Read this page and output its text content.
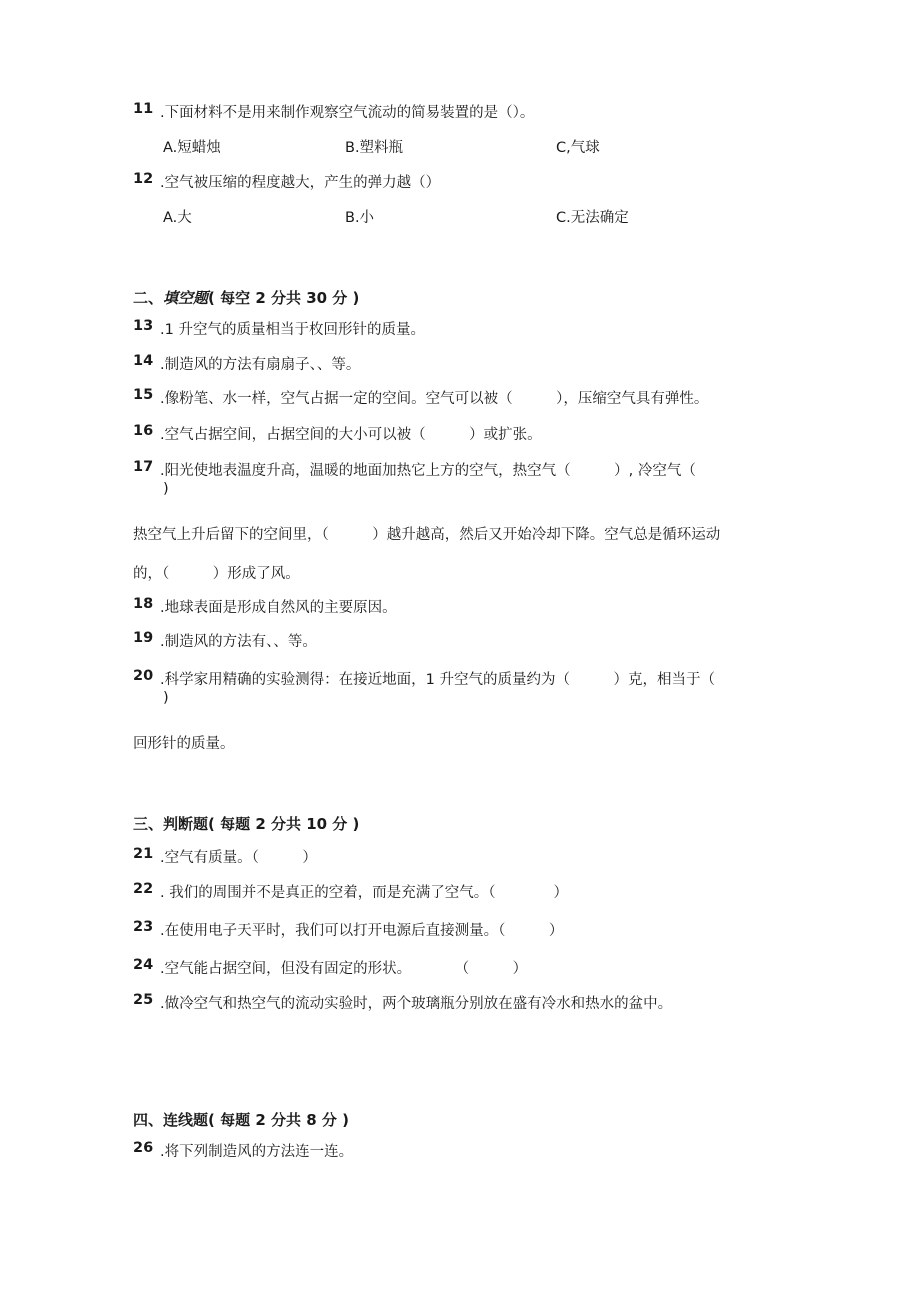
11 .下面材料不是用来制作观察空气流动的简易装置的是（）。
A.短蜡烛	B.塑料瓶	C,气球
12 .空气被压缩的程度越大，产生的弹力越（）
A.大	B.小	C.无法确定
二、填空题( 每空 2 分共 30 分 )
13 .1 升空气的质量相当于枚回形针的质量。
14 .制造风的方法有扇扇子、、等。
15 .像粉笔、水一样，空气占据一定的空间。空气可以被（　　　），压缩空气具有弹性。
16 .空气占据空间，占据空间的大小可以被（　　　）或扩张。
17 .阳光使地表温度升高，温暖的地面加热它上方的空气，热空气（　　　）, 冷空气（
)
热空气上升后留下的空间里，（　　　）越升越高，然后又开始冷却下降。空气总是循环运动
的，（　　　）形成了风。
18 .地球表面是形成自然风的主要原因。
19 .制造风的方法有、、等。
20 .科学家用精确的实验测得：在接近地面，1 升空气的质量约为（　　　）克，相当于（
)
回形针的质量。
三、判断题( 每题 2 分共 10 分 )
21 .空气有质量。（　　　）
22 . 我们的周围并不是真正的空着，而是充满了空气。（　　　　）
23 .在使用电子天平时，我们可以打开电源后直接测量。（　　　）
24 .空气能占据空间，但没有固定的形状。　　　　（　　　）
25 .做冷空气和热空气的流动实验时，两个玻璃瓶分别放在盛有冷水和热水的盆中。
四、连线题( 每题 2 分共 8 分 )
26 .将下列制造风的方法连一连。
